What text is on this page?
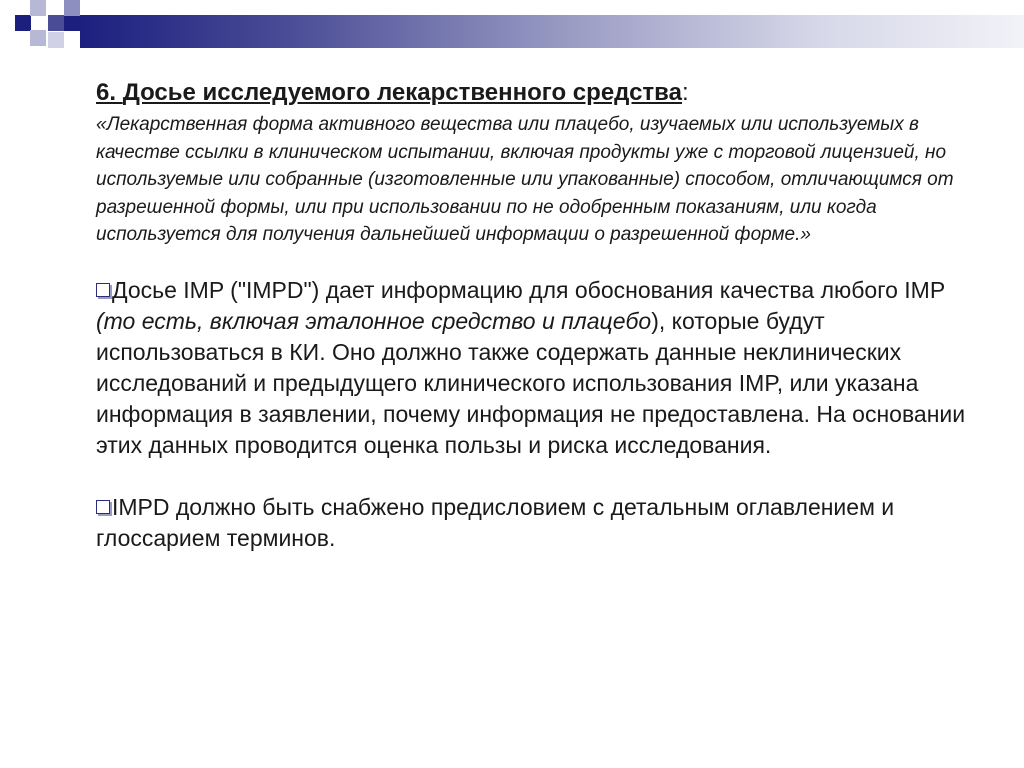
6. Досье исследуемого лекарственного средства:

«Лекарственная форма активного вещества или плацебо, изучаемых или используемых в качестве ссылки в клиническом испытании, включая продукты уже с торговой лицензией, но используемые или собранные (изготовленные или упакованные) способом, отличающимся от разрешенной формы, или при использовании по не одобренным показаниям, или когда используется для получения дальнейшей информации о разрешенной форме.»

Досье IMP ("IMPD") дает информацию для обоснования качества любого IMP (то есть, включая эталонное средство и плацебо), которые будут использоваться в КИ. Оно должно также содержать данные неклинических исследований и предыдущего клинического использования IMP, или указана информация в заявлении, почему информация не предоставлена. На основании этих данных проводится оценка пользы и риска исследования.

IMPD должно быть снабжено предисловием с детальным оглавлением и глоссарием терминов.
